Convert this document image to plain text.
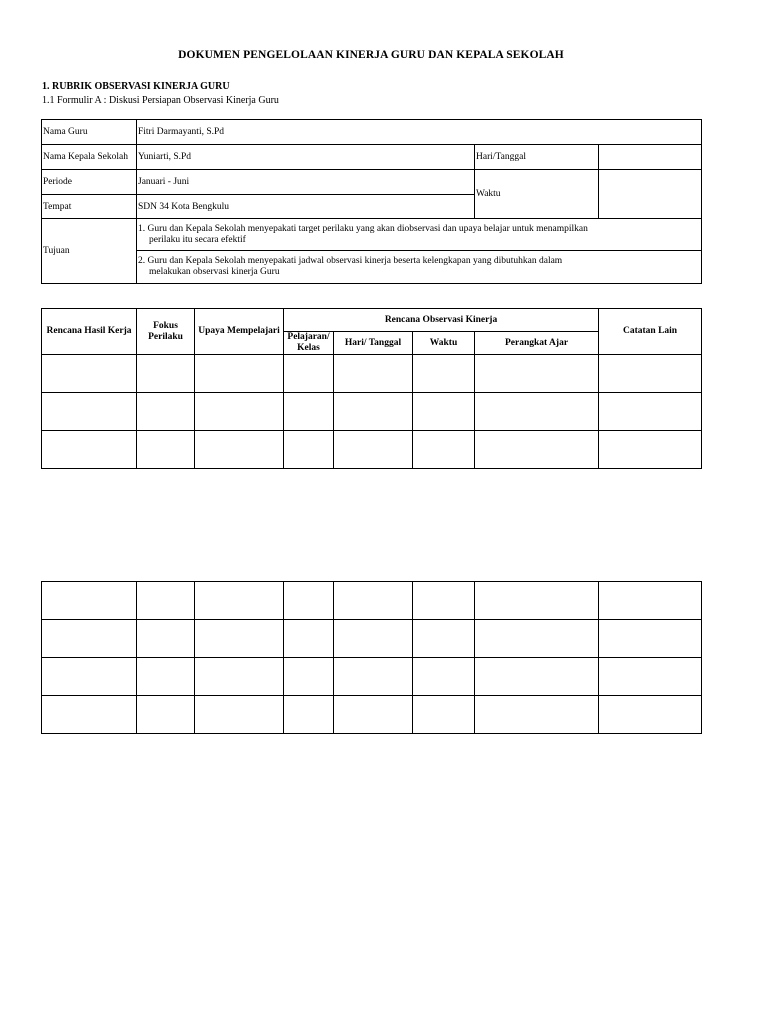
DOKUMEN PENGELOLAAN KINERJA GURU DAN KEPALA SEKOLAH
1. RUBRIK OBSERVASI KINERJA GURU
1.1 Formulir A : Diskusi Persiapan Observasi Kinerja Guru
Nama Guru	Fitri Darmayanti, S.Pd		
Nama Kepala Sekolah	Yuniarti, S.Pd	Hari/Tanggal	
Periode	Januari - Juni	Waktu	
Tempat	SDN 34 Kota Bengkulu		
Tujuan	1. Guru dan Kepala Sekolah menyepakati target perilaku yang akan diobservasi dan upaya belajar untuk menampilkan
perilaku itu secara efektif		

	2. Guru dan Kepala Sekolah menyepakati jadwal observasi kinerja beserta kelengkapan yang dibutuhkan dalam
melakukan observasi kinerja Guru		
Rencana Hasil Kerja	Fokus Perilaku	Upaya Mempelajari	Rencana Observasi Kinerja				Catatan Lain
			Pelajaran/ Kelas	Hari/ Tanggal	Waktu	Perangkat Ajar	
